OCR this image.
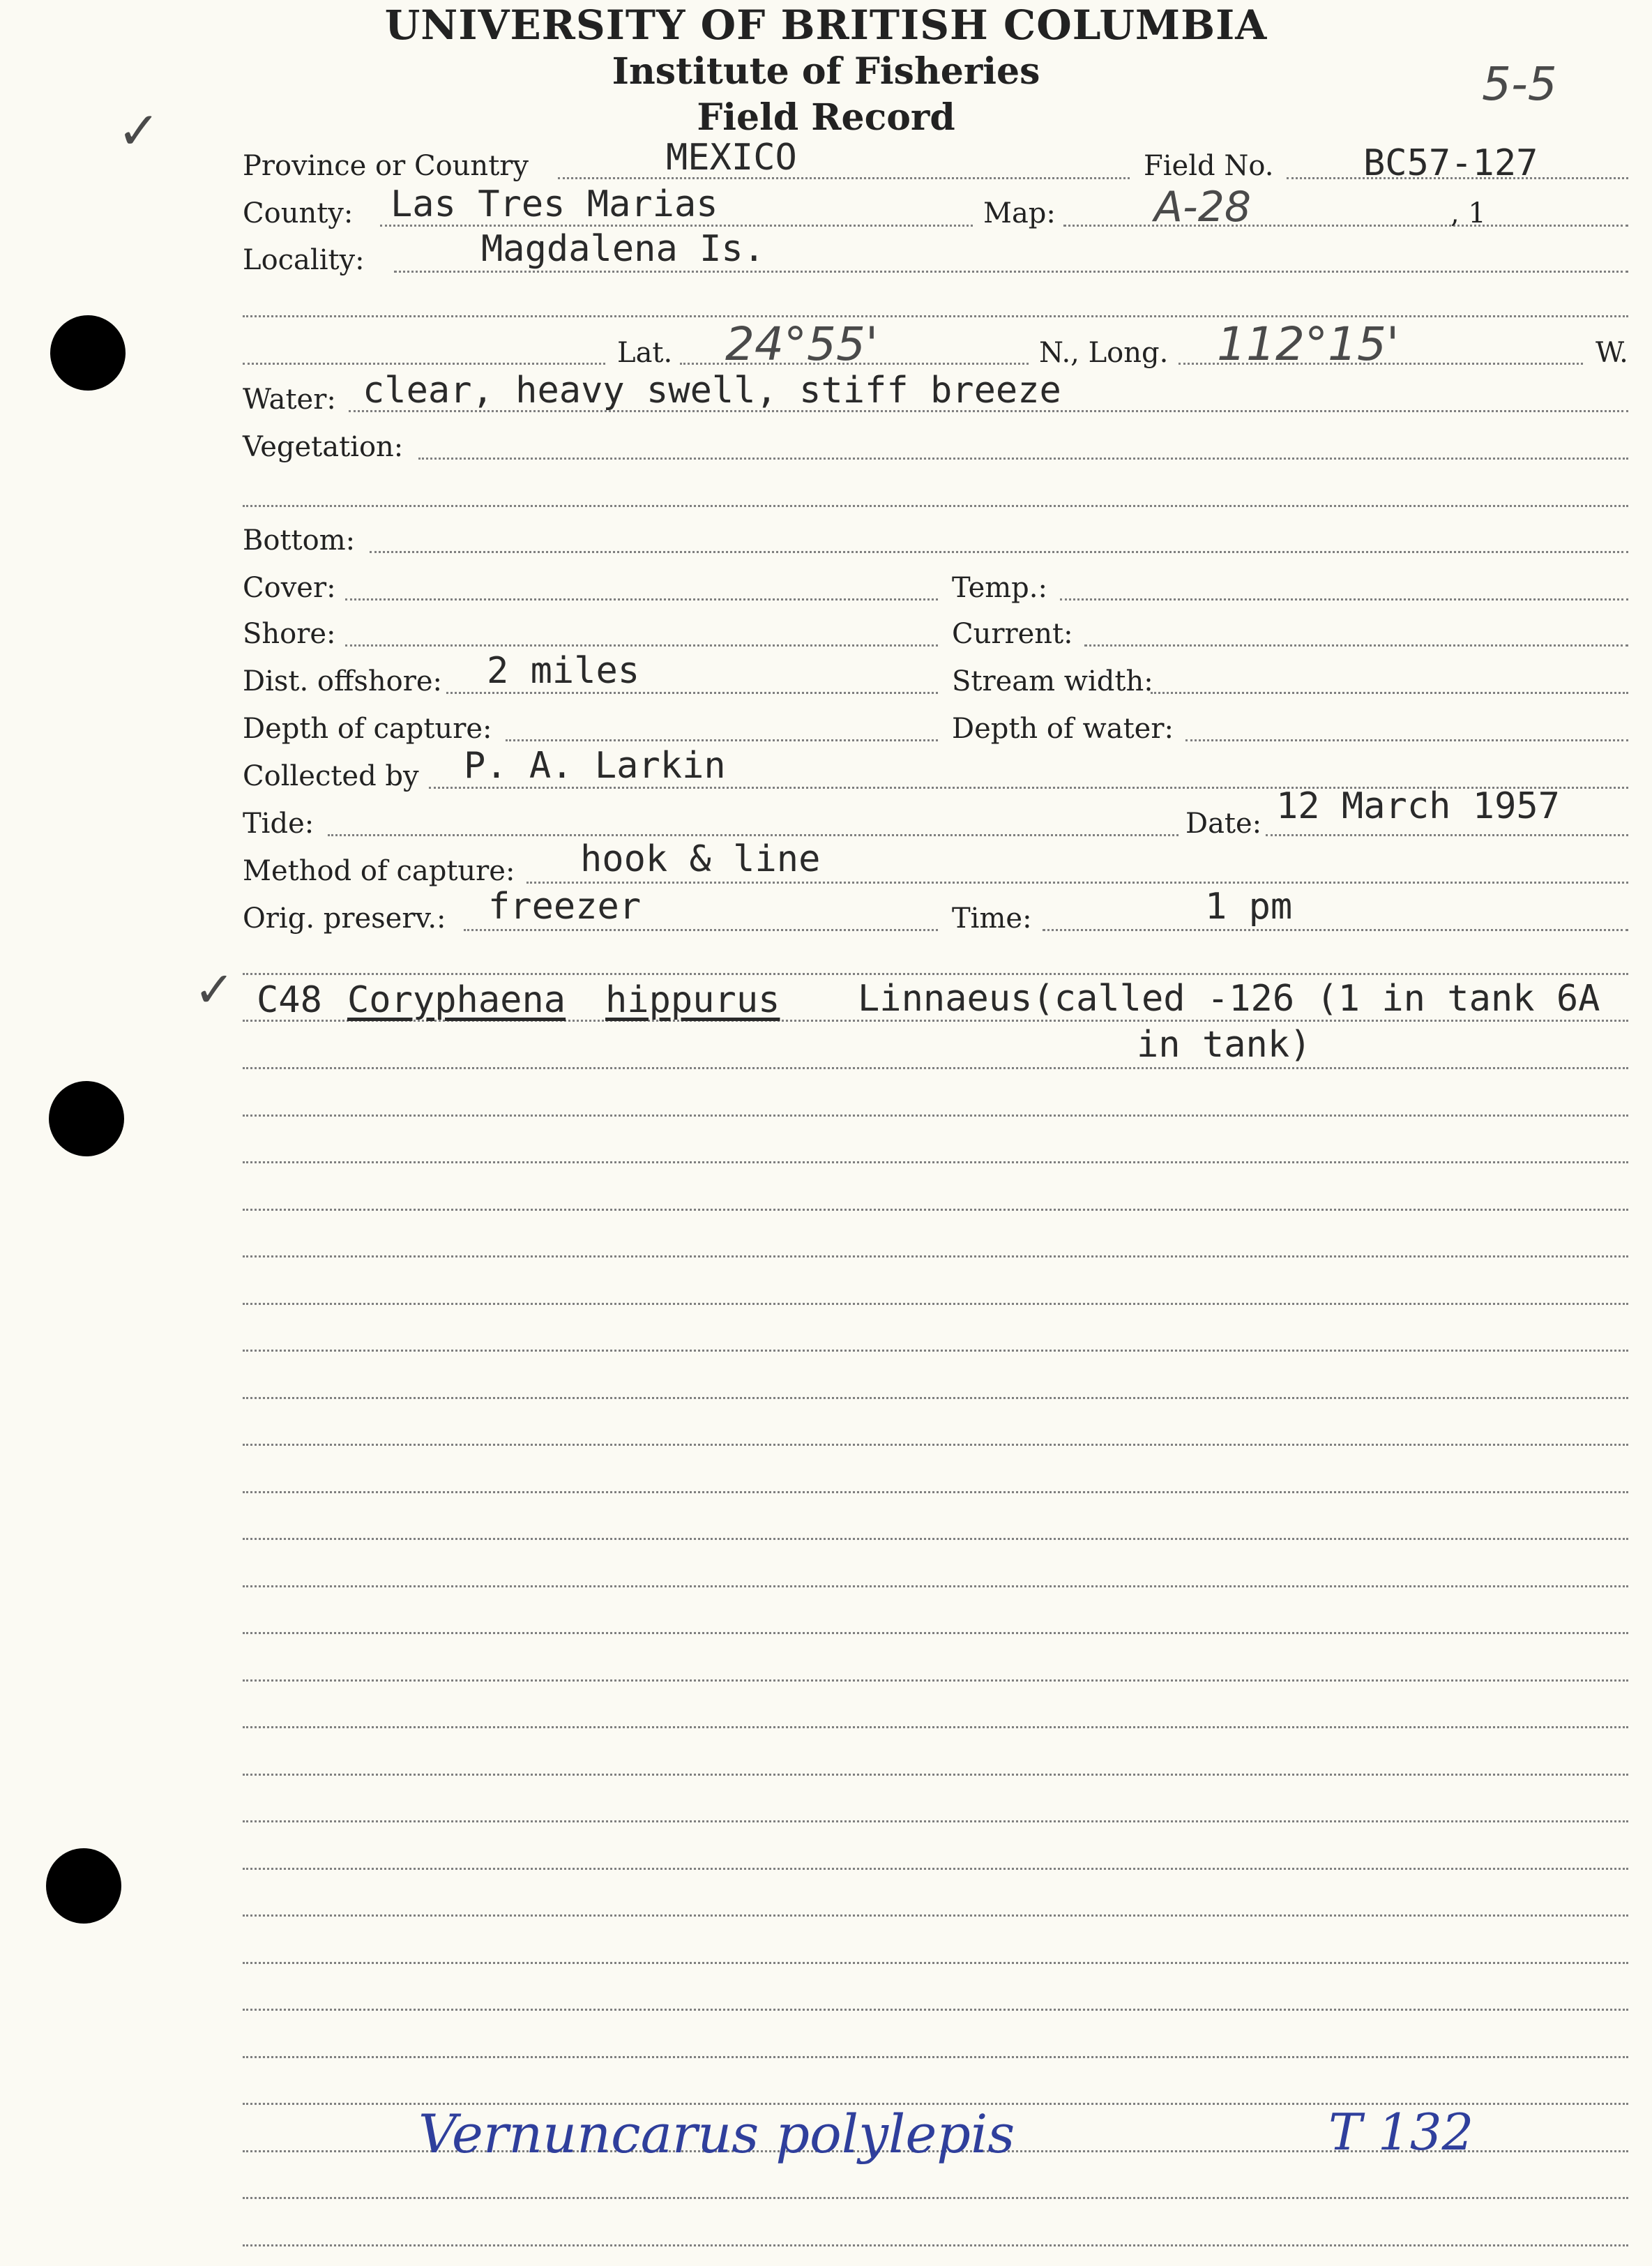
UNIVERSITY OF BRITISH COLUMBIA
Institute of Fisheries
Field Record
5-5
✓
Province or Country	MEXICO	Field No. BC57-127
County: Las Tres Marias	Map: A-28	, 1
Locality:	Magdalena Is.
Lat. 24°55'	N., Long. 112°15'	W.
Water: clear, heavy swell, stiff breeze
Vegetation:
Bottom:
Cover:	Temp.:
Shore:	Current:
Dist. offshore: 2 miles	Stream width:
Depth of capture:	Depth of water:
Collected by P. A. Larkin
Tide:	Date: 12 March 1957
Method of capture: hook & line
Orig. preserv.: freezer	Time:	1 pm
✓ C48 Coryphaena hippurus Linnaeus(called -126 (1 in tank 6A
in tank)
Vernuncarus polylepis	T 132
